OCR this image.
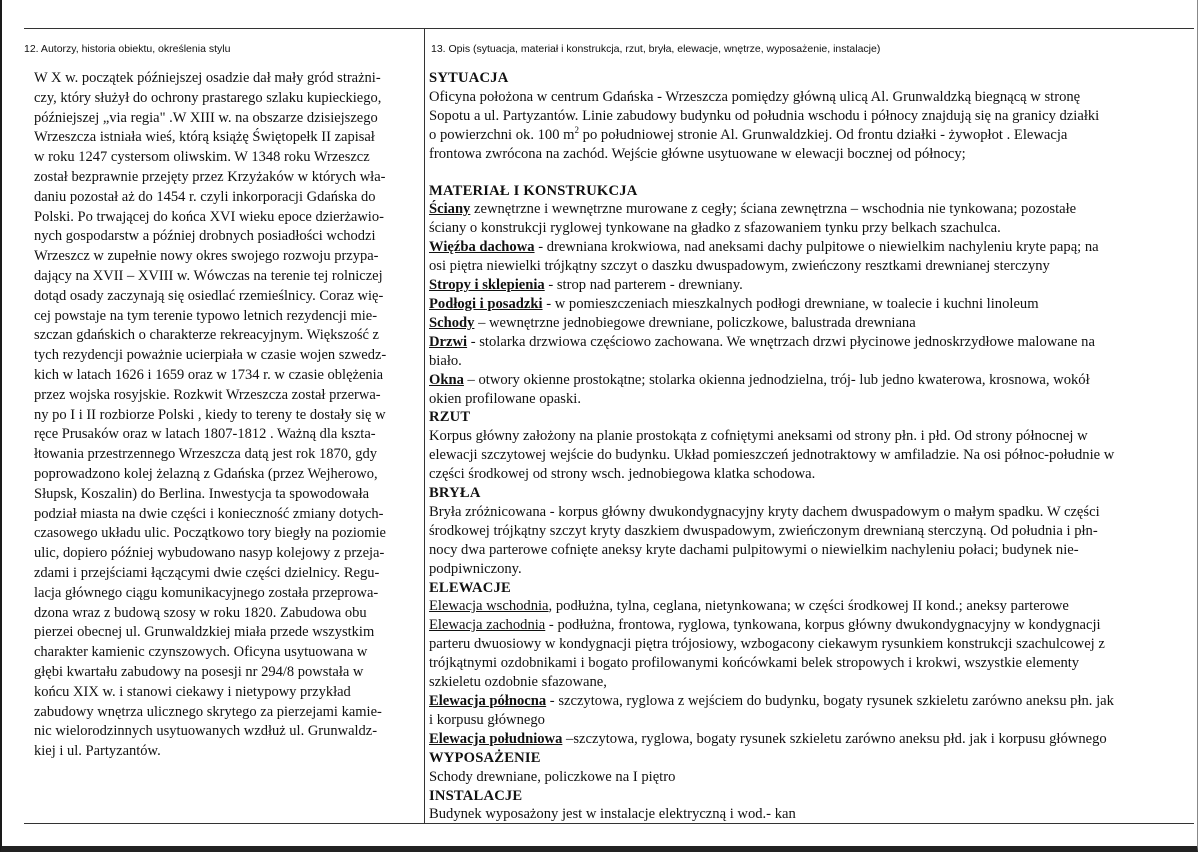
12. Autorzy, historia obiektu, określenia stylu	13. Opis (sytuacja, materiał i konstrukcja, rzut, bryła, elewacje, wnętrze, wyposażenie, instalacje)
W X w. początek późniejszej osadzie dał mały gród strażni-
czy, który służył do ochrony prastarego szlaku kupieckiego,
późniejszej „via regia" .W XIII w. na obszarze dzisiejszego
Wrzeszcza istniała wieś, którą książę Świętopełk II zapisał
w roku 1247 cystersom oliwskim. W 1348 roku Wrzeszcz
został bezprawnie przejęty przez Krzyżaków w których wła-
daniu pozostał aż do 1454 r. czyli inkorporacji Gdańska do
Polski. Po trwającej do końca XVI wieku epoce dzierżawio-
nych gospodarstw a później drobnych posiadłości wchodzi
Wrzeszcz w zupełnie nowy okres swojego rozwoju przypa-
dający na XVII – XVIII w. Wówczas na terenie tej rolniczej
dotąd osady zaczynają się osiedlać rzemieślnicy. Coraz wię-
cej powstaje na tym terenie typowo letnich rezydencji mie-
szczan gdańskich o charakterze rekreacyjnym. Większość z
tych rezydencji poważnie ucierpiała w czasie wojen szwedz-
kich w latach 1626 i 1659 oraz w 1734 r. w czasie oblężenia
przez wojska rosyjskie. Rozkwit Wrzeszcza został przerwa-
ny po I i II rozbiorze Polski , kiedy to tereny te dostały się w
ręce Prusaków oraz w latach 1807-1812 . Ważną dla kszta-
łtowania przestrzennego Wrzeszcza datą jest rok 1870, gdy
poprowadzono kolej żelazną z Gdańska (przez Wejherowo,
Słupsk, Koszalin) do Berlina. Inwestycja ta spowodowała
podział miasta na dwie części i konieczność zmiany dotych-
czasowego układu ulic. Początkowo tory biegły na poziomie
ulic, dopiero później wybudowano nasyp kolejowy z przeja-
zdami i przejściami łączącymi dwie części dzielnicy. Regu-
lacja głównego ciągu komunikacyjnego została przeprowa-
dzona wraz z budową szosy w roku 1820. Zabudowa obu
pierzei obecnej ul. Grunwaldzkiej miała przede wszystkim
charakter kamienic czynszowych. Oficyna usytuowana w
głębi kwartału zabudowy na posesji nr 294/8 powstała w
końcu XIX w. i stanowi ciekawy i nietypowy przykład
zabudowy wnętrza ulicznego skrytego za pierzejami kamie-
nic wielorodzinnych usytuowanych wzdłuż ul. Grunwaldz-
kiej i ul. Partyzantów.
SYTUACJA
Oficyna położona w centrum Gdańska - Wrzeszcza pomiędzy główną ulicą Al. Grunwaldzką biegnącą w stronę
Sopotu a ul. Partyzantów. Linie zabudowy budynku od południa wschodu i północy znajdują się na granicy działki
o powierzchni ok. 100 $m^2$ po południowej stronie Al. Grunwaldzkiej. Od frontu działki - żywopłot . Elewacja
frontowa zwrócona na zachód. Wejście główne usytuowane w elewacji bocznej od północy;
MATERIAŁ I KONSTRUKCJA
Ściany zewnętrzne i wewnętrzne murowane z cegły; ściana zewnętrzna – wschodnia nie tynkowana; pozostałe
ściany o konstrukcji ryglowej tynkowane na gładko z sfazowaniem tynku przy belkach szachulca.
Więźba dachowa - drewniana krokwiowa, nad aneksami dachy pulpitowe o niewielkim nachyleniu kryte papą; na
osi piętra niewielki trójkątny szczyt o daszku dwuspadowym, zwieńczony resztkami drewnianej sterczyny
Stropy i sklepienia - strop nad parterem - drewniany.
Podłogi i posadzki - w pomieszczeniach mieszkalnych podłogi drewniane, w toalecie i kuchni linoleum
Schody – wewnętrzne jednobiegowe drewniane, policzkowe, balustrada drewniana
Drzwi - stolarka drzwiowa częściowo zachowana. We wnętrzach drzwi płycinowe jednoskrzydłowe malowane na
biało.
Okna – otwory okienne prostokątne; stolarka okienna jednodzielna, trój- lub jedno kwaterowa, krosnowa, wokół
okien profilowane opaski.
RZUT
Korpus główny założony na planie prostokąta z cofniętymi aneksami od strony płn. i płd. Od strony północnej w
elewacji szczytowej wejście do budynku. Układ pomieszczeń jednotraktowy w amfiladzie. Na osi północ-południe w
części środkowej od strony wsch. jednobiegowa klatka schodowa.
BRYŁA
Bryła zróżnicowana - korpus główny dwukondygnacyjny kryty dachem dwuspadowym o małym spadku. W części
środkowej trójkątny szczyt kryty daszkiem dwuspadowym, zwieńczonym drewnianą sterczyną. Od południa i płn-
nocy dwa parterowe cofnięte aneksy kryte dachami pulpitowymi o niewielkim nachyleniu połaci; budynek nie-
podpiwniczony.
ELEWACJE
Elewacja wschodnia, podłużna, tylna, ceglana, nietynkowana; w części środkowej II kond.; aneksy parterowe
Elewacja zachodnia - podłużna, frontowa, ryglowa, tynkowana, korpus główny dwukondygnacyjny w kondygnacji
parteru dwuosiowy w kondygnacji piętra trójosiowy, wzbogacony ciekawym rysunkiem konstrukcji szachulcowej z
trójkątnymi ozdobnikami i bogato profilowanymi końcówkami belek stropowych i krokwi, wszystkie elementy
szkieletu ozdobnie sfazowane,
Elewacja północna - szczytowa, ryglowa z wejściem do budynku, bogaty rysunek szkieletu zarówno aneksu płn. jak
i korpusu głównego
Elewacja południowa –szczytowa, ryglowa, bogaty rysunek szkieletu zarówno aneksu płd. jak i korpusu głównego
WYPOSAŻENIE
Schody drewniane, policzkowe na I piętro
INSTALACJE
Budynek wyposażony jest w instalacje elektryczną i wod.- kan
